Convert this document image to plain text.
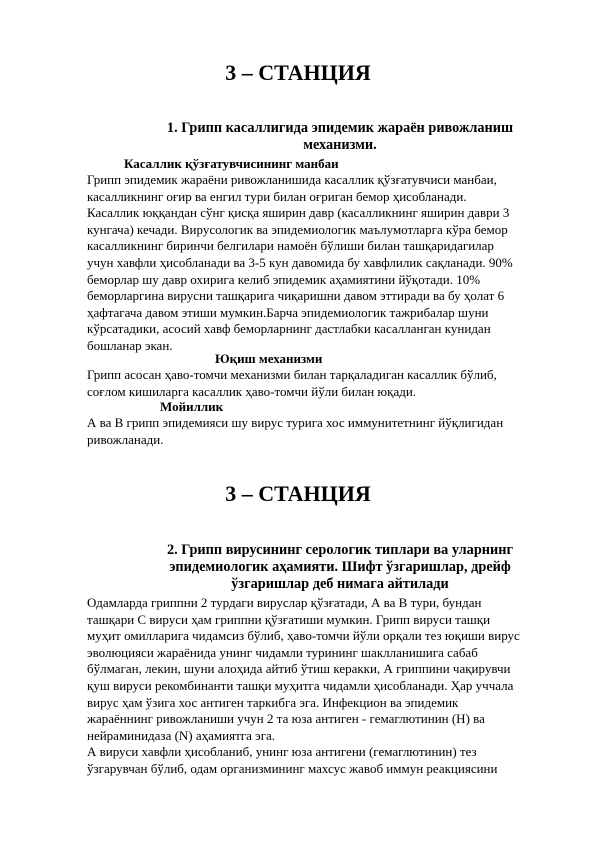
3 – СТАНЦИЯ
1. Грипп касаллигида эпидемик жараён ривожланиш
механизми.
Касаллик қўзғатувчисининг манбаи
Грипп эпидемик жараёни ривожланишида касаллик қўзғатувчиси манбаи,
касалликнинг оғир ва енгил тури билан оғриган бемор ҳисобланади.
Касаллик юққандан сўнг қисқа яширин давр (касалликнинг яширин даври 3
кунгача) кечади. Вирусологик ва эпидемиологик маълумотларга кўра бемор
касалликнинг биринчи белгилари намоён бўлиши билан ташқаридагилар
учун хавфли ҳисобланади ва 3-5 кун давомида бу хавфлилик сақланади. 90%
беморлар шу давр охирига келиб эпидемик аҳамиятини йўқотади. 10%
беморларгина вирусни ташқарига чиқаришни давом эттиради ва бу ҳолат 6
ҳафтагача давом этиши мумкин.Барча эпидемиологик тажрибалар шуни
кўрсатадики, асосий хавф беморларнинг дастлабки касалланган кунидан
бошланар экан.
Юқиш механизми
Грипп асосан ҳаво-томчи механизми билан тарқаладиган касаллик бўлиб,
соғлом кишиларга касаллик ҳаво-томчи йўли билан юқади.
Мойиллик
А ва В грипп эпидемияси шу вирус турига хос иммунитетнинг йўқлигидан
ривожланади.
3 – СТАНЦИЯ
2. Грипп вирусининг серологик типлари ва уларнинг
эпидемиологик аҳамияти. Шифт ўзгаришлар, дрейф
ўзгаришлар деб нимага айтилади
Одамларда гриппни 2 турдаги вируслар қўзғатади, А ва В тури, бундан
ташқари С вируси ҳам гриппни қўзғатиши мумкин. Грипп вируси ташқи
муҳит омилларига чидамсиз бўлиб, ҳаво-томчи йўли орқали тез юқиши вирус
эволюцияси жараёнида унинг чидамли турининг шаклланишига сабаб
бўлмаган, лекин, шуни алоҳида айтиб ўтиш керакки, А гриппини чақирувчи
қуш вируси рекомбинанти ташқи муҳитга чидамли ҳисобланади. Ҳар уччала
вирус ҳам ўзига хос антиген таркибга эга. Инфекцион ва эпидемик
жараённинг ривожланиши учун 2 та юза антиген - гемаглютинин (H) ва
нейраминидаза (N) аҳамиятга эга.
А вируси хавфли ҳисобланиб, унинг юза антигени (гемаглютинин) тез
ўзгарувчан бўлиб, одам организмининг махсус жавоб иммун реакциясини
